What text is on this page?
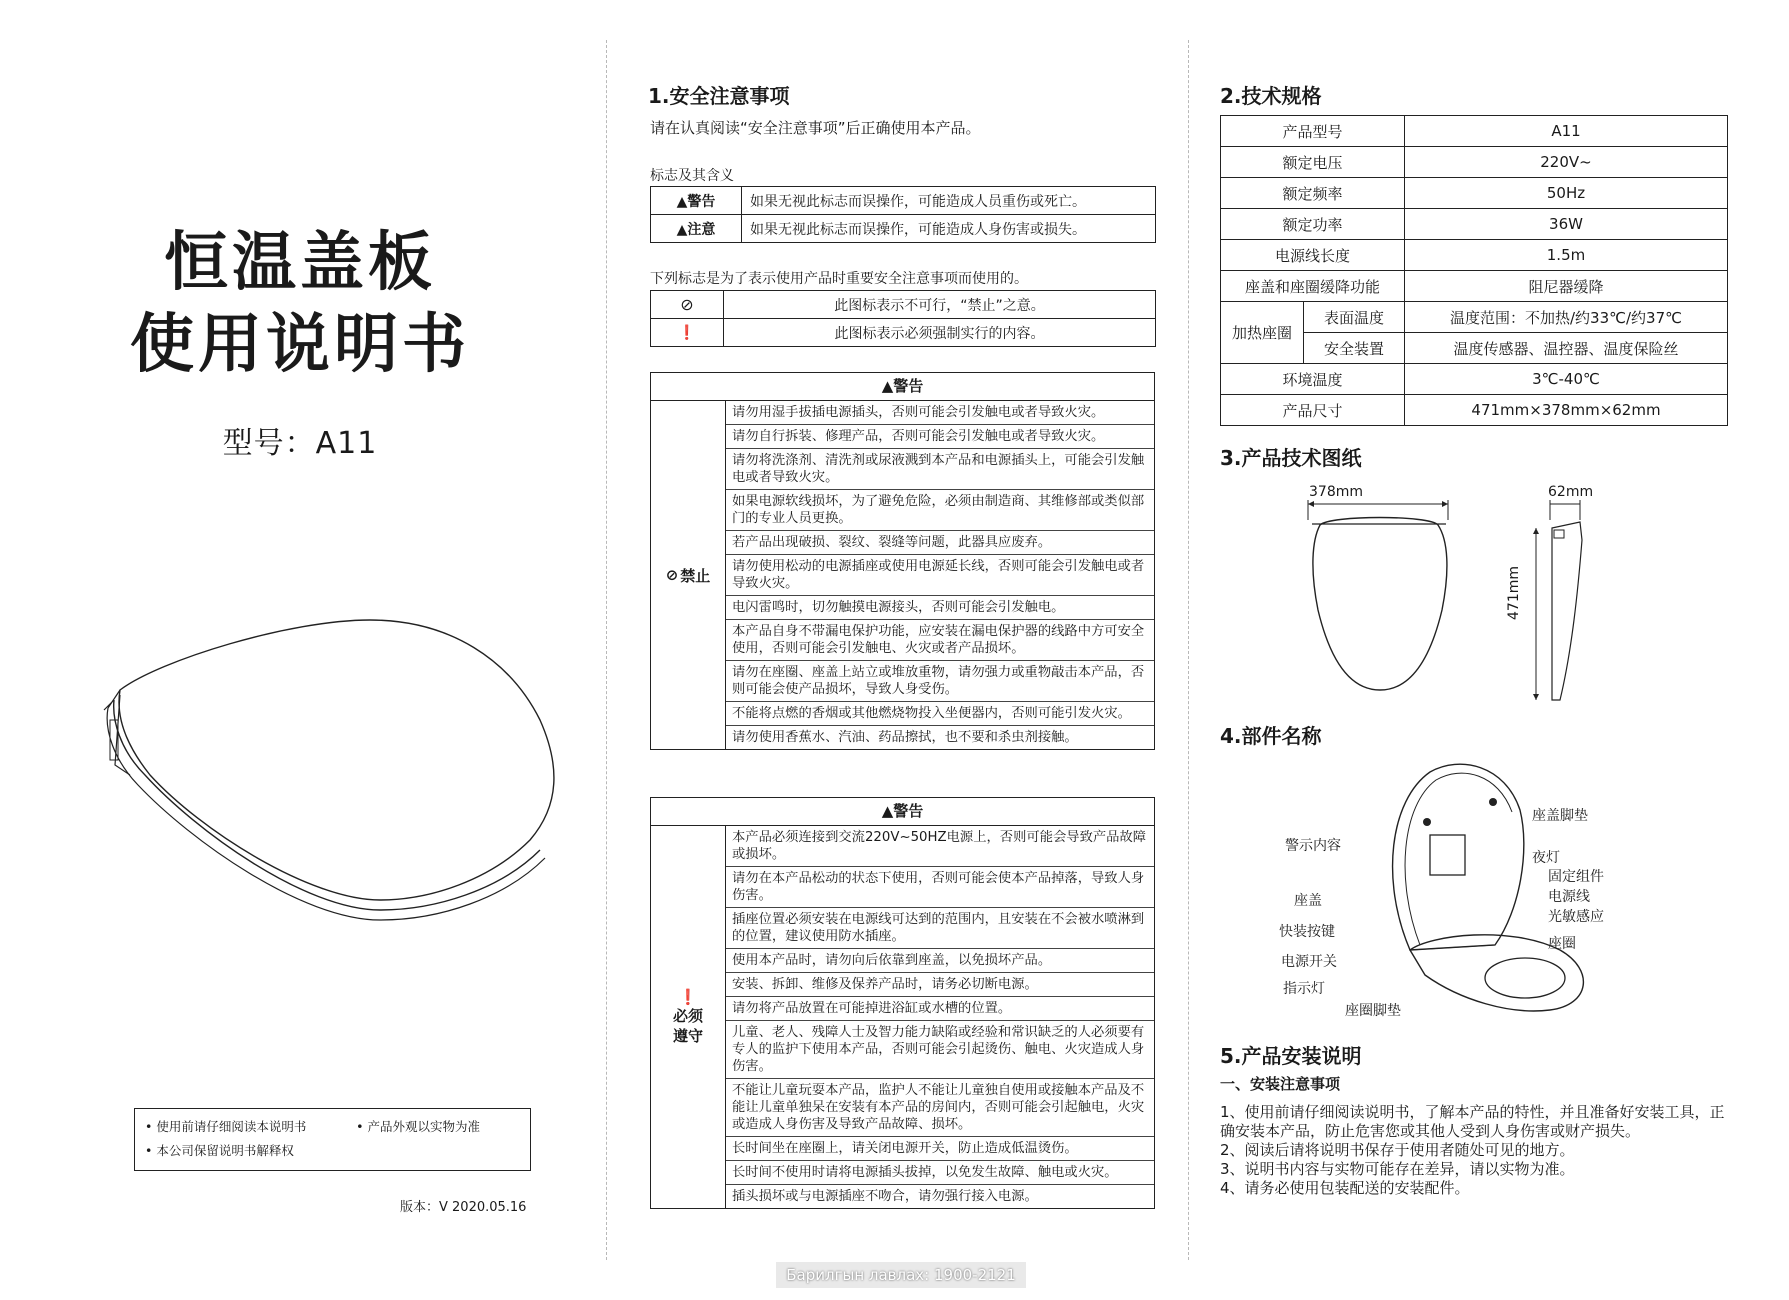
恒温盖板
使用说明书
型号：A11
• 使用前请仔细阅读本说明书	• 产品外观以实物为准
• 本公司保留说明书解释权
版本：V 2020.05.16
1.安全注意事项
请在认真阅读“安全注意事项”后正确使用本产品。
标志及其含义
▲警告	如果无视此标志而误操作，可能造成人员重伤或死亡。
▲注意	如果无视此标志而误操作，可能造成人身伤害或损失。
下列标志是为了表示使用产品时重要安全注意事项而使用的。
⊘	此图标表示不可行，“禁止”之意。
❗	此图标表示必须强制实行的内容。
▲警告
⊘ 禁止
请勿用湿手拔插电源插头，否则可能会引发触电或者导致火灾。
请勿自行拆装、修理产品，否则可能会引发触电或者导致火灾。
请勿将洗涤剂、清洗剂或尿液溅到本产品和电源插头上，可能会引发触电或者导致火灾。
如果电源软线损坏，为了避免危险，必须由制造商、其维修部或类似部门的专业人员更换。
若产品出现破损、裂纹、裂缝等问题，此器具应废弃。
请勿使用松动的电源插座或使用电源延长线，否则可能会引发触电或者导致火灾。
电闪雷鸣时，切勿触摸电源接头，否则可能会引发触电。
本产品自身不带漏电保护功能，应安装在漏电保护器的线路中方可安全使用，否则可能会引发触电、火灾或者产品损坏。
请勿在座圈、座盖上站立或堆放重物，请勿强力或重物敲击本产品，否则可能会使产品损坏，导致人身受伤。
不能将点燃的香烟或其他燃烧物投入坐便器内，否则可能引发火灾。
请勿使用香蕉水、汽油、药品擦拭，也不要和杀虫剂接触。
▲警告
❗
必须遵守
本产品必须连接到交流220V~50HZ电源上，否则可能会导致产品故障或损坏。
请勿在本产品松动的状态下使用，否则可能会使本产品掉落，导致人身伤害。
插座位置必须安装在电源线可达到的范围内，且安装在不会被水喷淋到的位置，建议使用防水插座。
使用本产品时，请勿向后依靠到座盖，以免损坏产品。
安装、拆卸、维修及保养产品时，请务必切断电源。
请勿将产品放置在可能掉进浴缸或水槽的位置。
儿童、老人、残障人士及智力能力缺陷或经验和常识缺乏的人必须要有专人的监护下使用本产品，否则可能会引起烫伤、触电、火灾造成人身伤害。
不能让儿童玩耍本产品，监护人不能让儿童独自使用或接触本产品及不能让儿童单独呆在安装有本产品的房间内，否则可能会引起触电，火灾或造成人身伤害及导致产品故障、损坏。
长时间坐在座圈上，请关闭电源开关，防止造成低温烫伤。
长时间不使用时请将电源插头拔掉，以免发生故障、触电或火灾。
插头损坏或与电源插座不吻合，请勿强行接入电源。
2.技术规格
产品型号		A11
额定电压		220V~
额定频率		50Hz
额定功率		36W
电源线长度		1.5m
座盖和座圈缓降功能		阻尼器缓降
加热座圈	表面温度	温度范围：不加热/约33℃/约37℃
	安全装置	温度传感器、温控器、温度保险丝
环境温度		3℃-40℃
产品尺寸		471mm×378mm×62mm
3.产品技术图纸
378mm	62mm
471mm
4.部件名称
警示内容
座盖
快装按键
电源开关
指示灯
座圈脚垫
座盖脚垫
夜灯
固定组件
电源线
光敏感应
座圈
5.产品安装说明
一、安装注意事项
1、使用前请仔细阅读说明书，了解本产品的特性，并且准备好安装工具，正确安装本产品，防止危害您或其他人受到人身伤害或财产损失。
2、阅读后请将说明书保存于使用者随处可见的地方。
3、说明书内容与实物可能存在差异，请以实物为准。
4、请务必使用包装配送的安装配件。
Барилгын лавлах: 1900-2121
